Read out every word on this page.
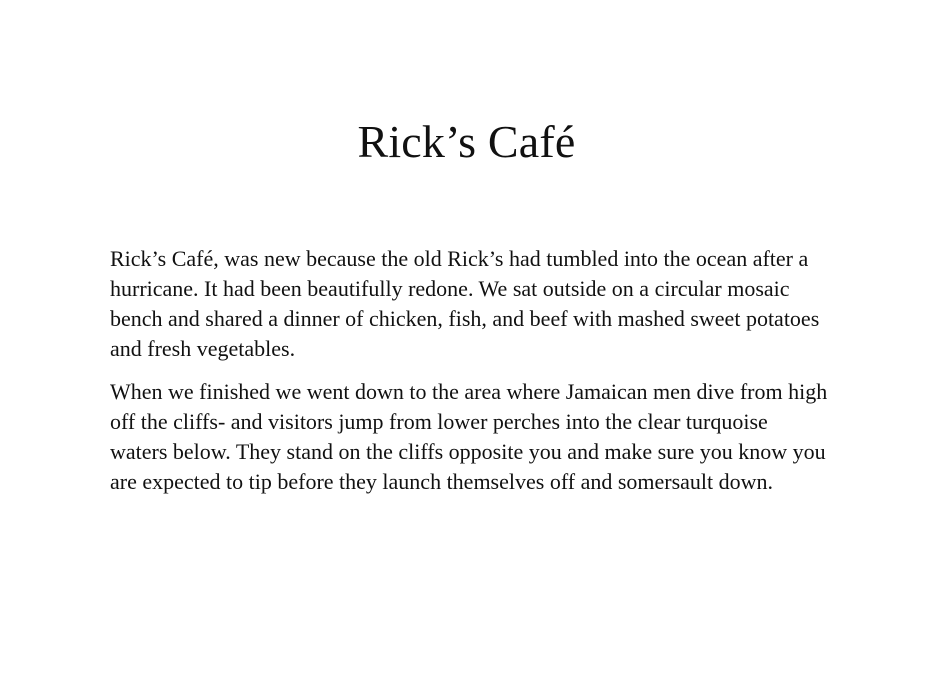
Rick’s Café

Rick’s Café, was new because the old Rick’s had tumbled into the ocean after a hurricane. It had been beautifully redone. We sat outside on a circular mosaic bench and shared a dinner of chicken, fish, and beef with mashed sweet potatoes and fresh vegetables.

When we finished we went down to the area where Jamaican men dive from high off the cliffs- and visitors jump from lower perches into the clear turquoise waters below. They stand on the cliffs opposite you and make sure you know you are expected to tip before they launch themselves off and somersault down.
